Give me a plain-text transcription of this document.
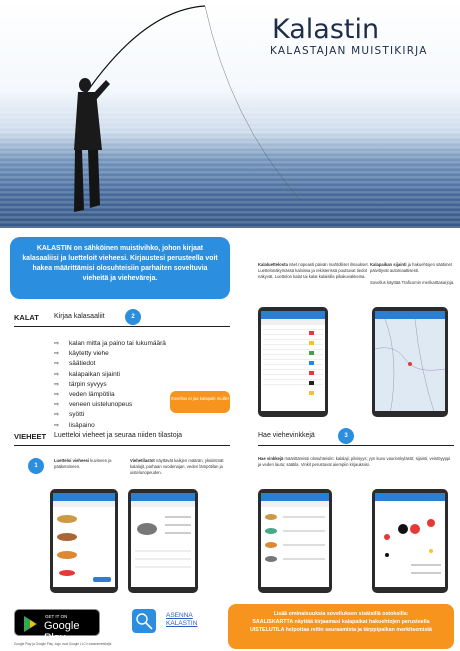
Kalastin
KALASTAJAN MUISTIKIRJA
KALASTIN on sähköinen muistivihko, johon kirjaat kalasaaliisi ja luetteloit vieheesi. Kirjaustesi perusteella voit hakea määrittämisi olosuhteisiin parhaiten soveltuvia vieheitä ja vieheväreja.
Kalaluettelosta näet nopeasti päivän mahtolliset ilmaukset. Luettelonäkymässä kaloissa ja rekisterissä puuttuvat tiedot näkyvät. Luettelon kalat tai kalat kalaisilla pikakuvakkeina.
Kalapaikan sijainti ja hakuehtojen säätimet päivittyvät automaattisesti.

Sovellus käyttää Traficomin merikarttasarjoja.
KALAT Kirjaa kalasaaliit	2
⇨ kalan mitta ja paino tai lukumäärä
⇨ käytetty viehe
⇨ säätiedot
⇨ kalapaikan sijainti
⇨ tärpin syvyys
⇨ veden lämpötila
⇨ veneen uistelunopeus
⇨ syötti
⇨ lisäpaino
Sovellus ei jaa kalapaik muille!
VIEHEET Luetteloi vieheet ja seuraa niiden tilastoja
1
Luetteloi vieheesi kuvineen ja pääketoineen.
Viehetilastot näyttävät kaikjen määrän, yksiintmät kalalajit, parhaan vuodenajan, veden lämpötilan ja uistelunopeuden.
Hae viehevinkkejä	3
Hae vinkkejä määrittämissi olosuhteisiin: kalalaji; pilvisyys; yyn kuvu vaurionkylästö; sijainti, veistöyyppi ja veden lautu; säätila. Vinkit perustuvat aiempiin kirjauksiisi.
GET IT ON
Google Play
ASENNA
KALASTIN
Lisää ominaisuuksia sovelluksen sisäisillä ostoksilla:
SAALISKARTTA näyttää kirjaamasi kalapaikat hakuehtojen perusteella
UISTELUTILA helpottaa reitin seuraamista ja tärppipaikan merkitsemistä
Google Play ja Google Play -logo ovat Google LLC:n tavaramerkkejä.
